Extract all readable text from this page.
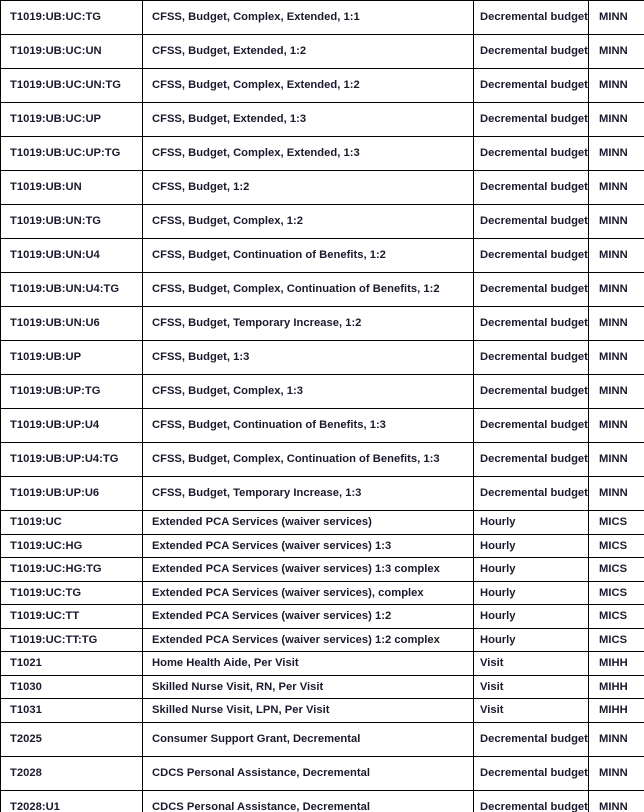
T1019:UB:UC:TG	CFSS, Budget, Complex, Extended, 1:1	Decremental budget	MINN
T1019:UB:UC:UN	CFSS, Budget, Extended, 1:2	Decremental budget	MINN
T1019:UB:UC:UN:TG	CFSS, Budget, Complex, Extended, 1:2	Decremental budget	MINN
T1019:UB:UC:UP	CFSS, Budget, Extended, 1:3	Decremental budget	MINN
T1019:UB:UC:UP:TG	CFSS, Budget, Complex, Extended, 1:3	Decremental budget	MINN
T1019:UB:UN	CFSS, Budget, 1:2	Decremental budget	MINN
T1019:UB:UN:TG	CFSS, Budget, Complex, 1:2	Decremental budget	MINN
T1019:UB:UN:U4	CFSS, Budget, Continuation of Benefits, 1:2	Decremental budget	MINN
T1019:UB:UN:U4:TG	CFSS, Budget, Complex, Continuation of Benefits, 1:2	Decremental budget	MINN
T1019:UB:UN:U6	CFSS, Budget, Temporary Increase, 1:2	Decremental budget	MINN
T1019:UB:UP	CFSS, Budget, 1:3	Decremental budget	MINN
T1019:UB:UP:TG	CFSS, Budget, Complex, 1:3	Decremental budget	MINN
T1019:UB:UP:U4	CFSS, Budget, Continuation of Benefits, 1:3	Decremental budget	MINN
T1019:UB:UP:U4:TG	CFSS, Budget, Complex, Continuation of Benefits, 1:3	Decremental budget	MINN
T1019:UB:UP:U6	CFSS, Budget, Temporary Increase, 1:3	Decremental budget	MINN
T1019:UC	Extended PCA Services (waiver services)	Hourly	MICS
T1019:UC:HG	Extended PCA Services (waiver services) 1:3	Hourly	MICS
T1019:UC:HG:TG	Extended PCA Services (waiver services) 1:3 complex	Hourly	MICS
T1019:UC:TG	Extended PCA Services (waiver services), complex	Hourly	MICS
T1019:UC:TT	Extended PCA Services (waiver services) 1:2	Hourly	MICS
T1019:UC:TT:TG	Extended PCA Services (waiver services) 1:2 complex	Hourly	MICS
T1021	Home Health Aide, Per Visit	Visit	MIHH
T1030	Skilled Nurse Visit, RN, Per Visit	Visit	MIHH
T1031	Skilled Nurse Visit, LPN, Per Visit	Visit	MIHH
T2025	Consumer Support Grant, Decremental	Decremental budget	MINN
T2028	CDCS Personal Assistance, Decremental	Decremental budget	MINN
T2028:U1	CDCS Personal Assistance, Decremental	Decremental budget	MINN
